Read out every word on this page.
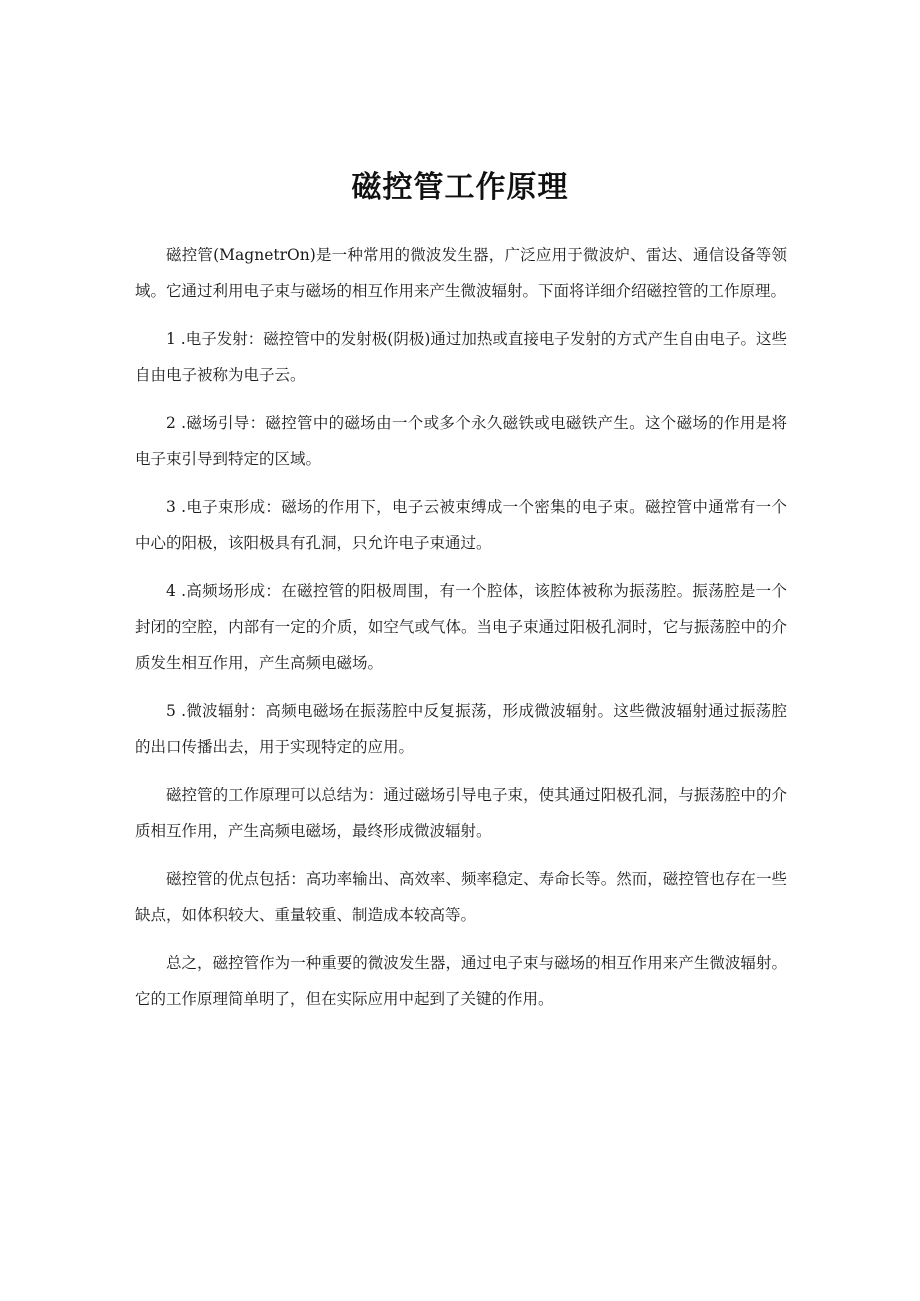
磁控管工作原理

磁控管(MagnetrOn)是一种常用的微波发生器，广泛应用于微波炉、雷达、通信设备等领域。它通过利用电子束与磁场的相互作用来产生微波辐射。下面将详细介绍磁控管的工作原理。

1 .电子发射：磁控管中的发射极(阴极)通过加热或直接电子发射的方式产生自由电子。这些自由电子被称为电子云。

2 .磁场引导：磁控管中的磁场由一个或多个永久磁铁或电磁铁产生。这个磁场的作用是将电子束引导到特定的区域。

3 .电子束形成：磁场的作用下，电子云被束缚成一个密集的电子束。磁控管中通常有一个中心的阳极，该阳极具有孔洞，只允许电子束通过。

4 .高频场形成：在磁控管的阳极周围，有一个腔体，该腔体被称为振荡腔。振荡腔是一个封闭的空腔，内部有一定的介质，如空气或气体。当电子束通过阳极孔洞时，它与振荡腔中的介质发生相互作用，产生高频电磁场。

5 .微波辐射：高频电磁场在振荡腔中反复振荡，形成微波辐射。这些微波辐射通过振荡腔的出口传播出去，用于实现特定的应用。

磁控管的工作原理可以总结为：通过磁场引导电子束，使其通过阳极孔洞，与振荡腔中的介质相互作用，产生高频电磁场，最终形成微波辐射。

磁控管的优点包括：高功率输出、高效率、频率稳定、寿命长等。然而，磁控管也存在一些缺点，如体积较大、重量较重、制造成本较高等。

总之，磁控管作为一种重要的微波发生器，通过电子束与磁场的相互作用来产生微波辐射。它的工作原理简单明了，但在实际应用中起到了关键的作用。
